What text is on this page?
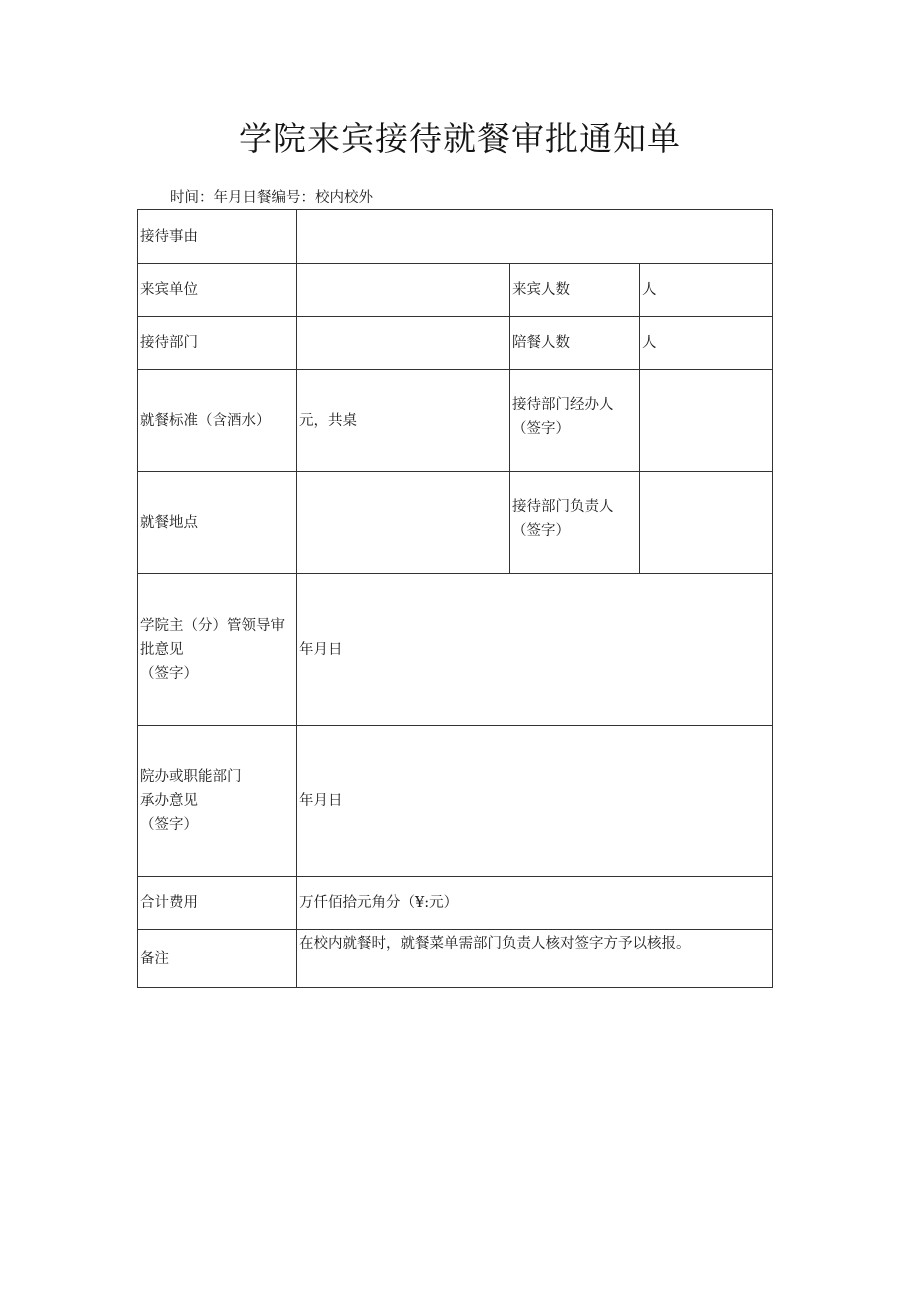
学院来宾接待就餐审批通知单
时间：年月日餐编号：校内校外
接待事由			
来宾单位		来宾人数	人
接待部门		陪餐人数	人
就餐标准（含酒水）	元，共桌	接待部门经办人
（签字）	

就餐地点		接待部门负责人
（签字）	

学院主（分）管领导审
批意见
（签字）	年月日		

院办或职能部门
承办意见
（签字）	年月日		
合计费用	万仟佰拾元角分（¥:元）		
备注	在校内就餐时，就餐菜单需部门负责人核对签字方予以核报。		
